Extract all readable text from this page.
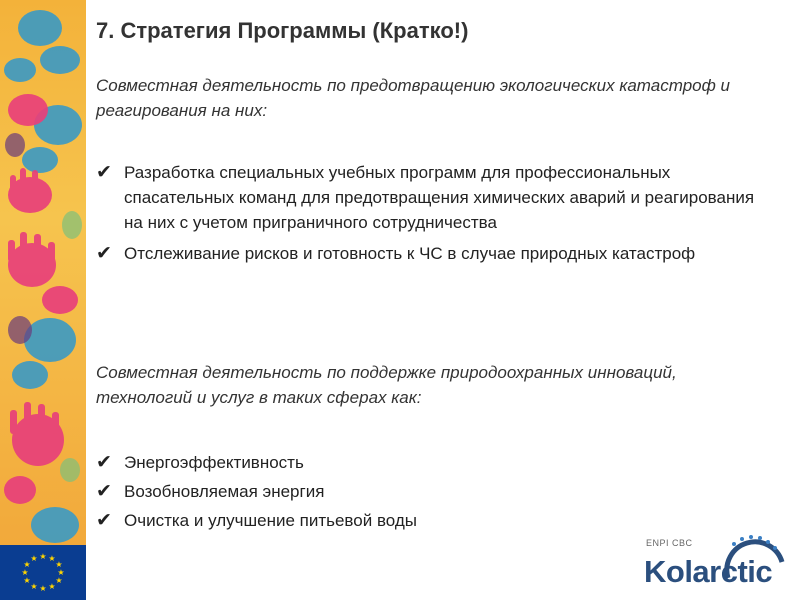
★ ★
★
★
★
★
★
★
★
★
★
★
7. Стратегия Программы (Кратко!)

Совместная деятельность по предотвращению экологических катастроф и реагирования на них:

✔ Разработка специальных учебных программ для профессиональных спасательных команд для предотвращения химических аварий и реагирования на них с учетом приграничного сотрудничества
✔ Отслеживание рисков и готовность к ЧС в случае природных катастроф

Совместная деятельность по поддержке природоохранных инноваций, технологий и услуг в таких сферах как:

✔ Энергоэффективность
✔ Возобновляемая энергия
✔ Очистка и улучшение питьевой воды
ENPI CBC
Kolarctic
